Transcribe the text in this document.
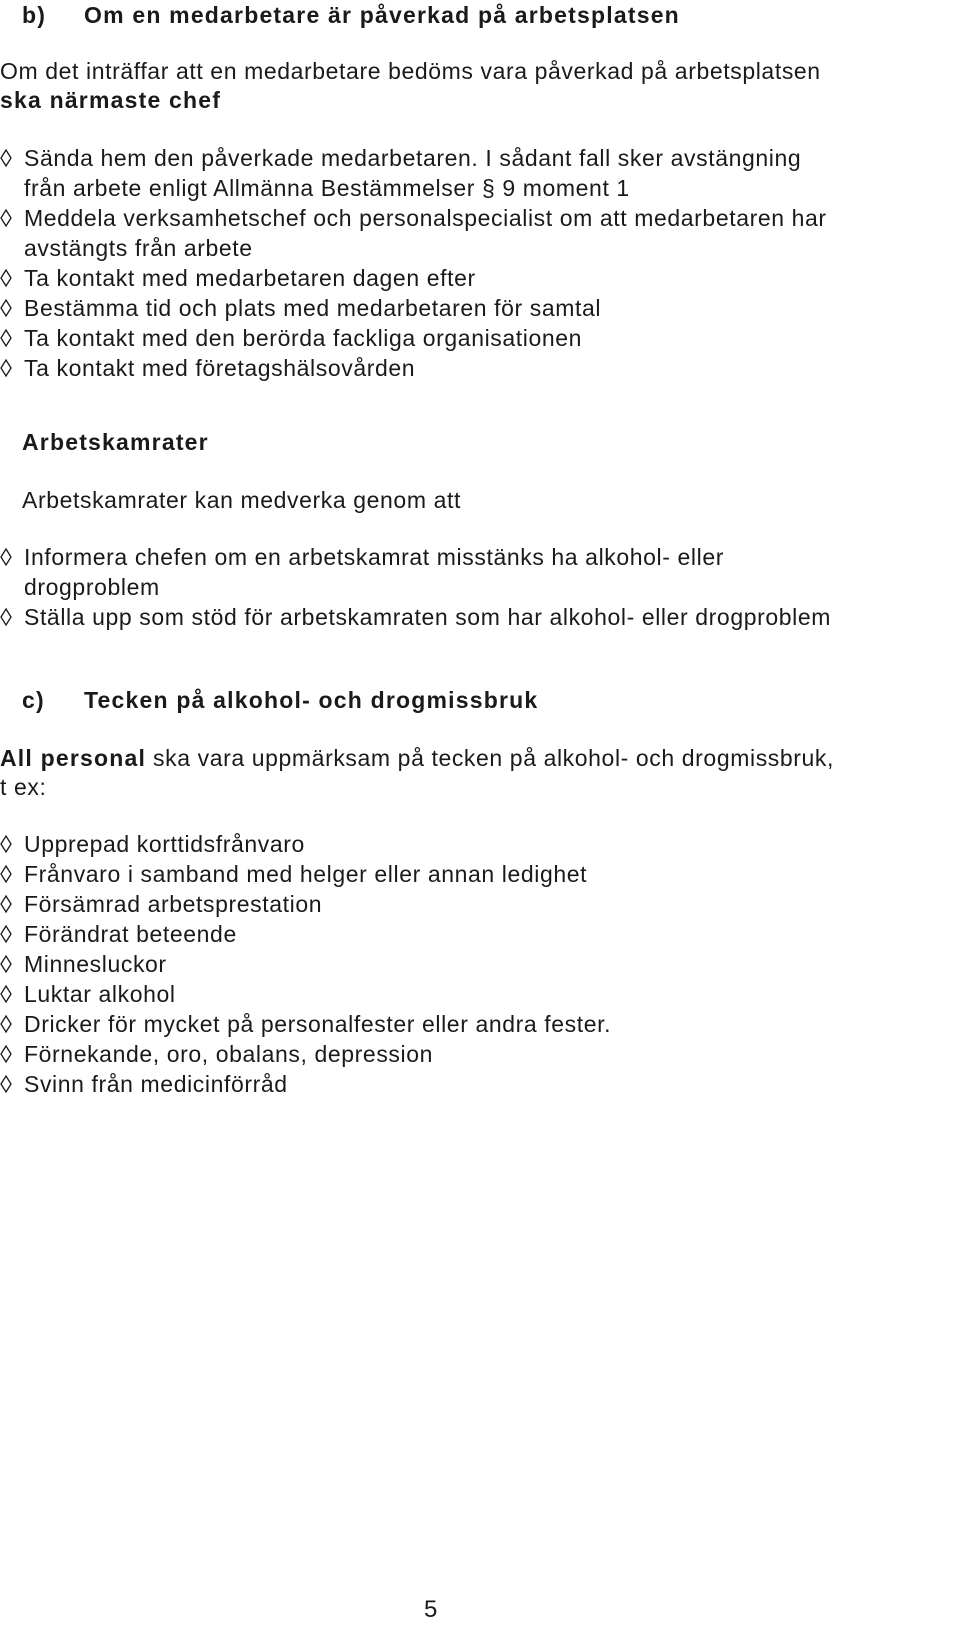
b)	Om en medarbetare är påverkad på arbetsplatsen
Om det inträffar att en medarbetare bedöms vara påverkad på arbetsplatsen
ska närmaste chef
Sända hem den påverkade medarbetaren. I sådant fall sker avstängning
från arbete enligt Allmänna Bestämmelser § 9 moment 1
Meddela verksamhetschef och personalspecialist om att medarbetaren har
avstängts från arbete
Ta kontakt med medarbetaren dagen efter
Bestämma tid och plats med medarbetaren för samtal
Ta kontakt med den berörda fackliga organisationen
Ta kontakt med företagshälsovården
Arbetskamrater
Arbetskamrater kan medverka genom att
Informera chefen om en arbetskamrat misstänks ha alkohol- eller
drogproblem
Ställa upp som stöd för arbetskamraten som har alkohol- eller drogproblem
c)	Tecken på alkohol- och drogmissbruk
All personal ska vara uppmärksam på tecken på alkohol- och drogmissbruk,
t ex:
Upprepad korttidsfrånvaro
Frånvaro i samband med helger eller annan ledighet
Försämrad arbetsprestation
Förändrat beteende
Minnesluckor
Luktar alkohol
Dricker för mycket på personalfester eller andra fester.
Förnekande, oro, obalans, depression
Svinn från medicinförråd
5
